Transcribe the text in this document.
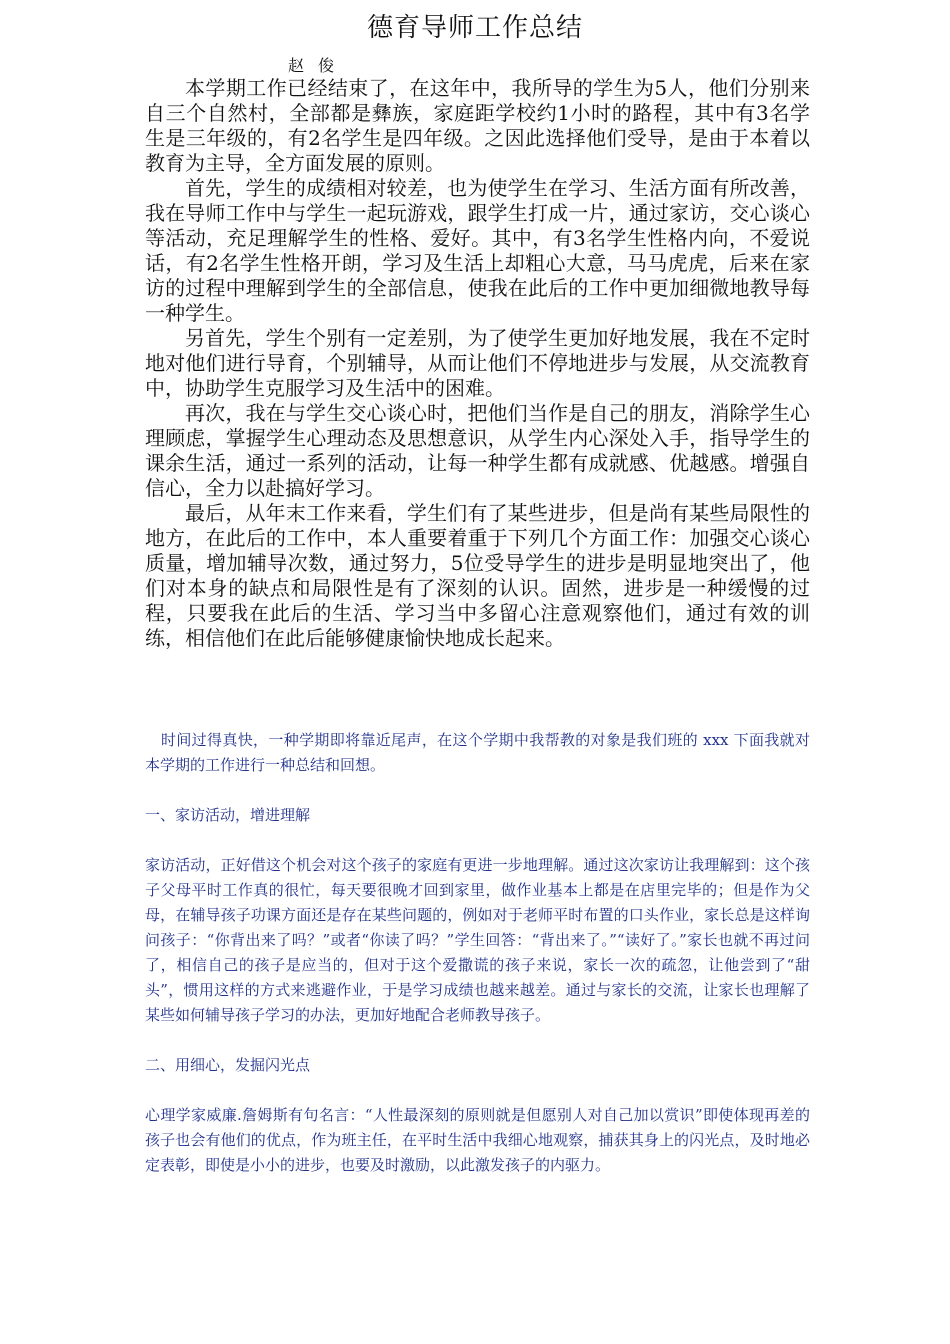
德育导师工作总结
赵俊

本学期工作已经结束了，在这年中，我所导的学生为5人，他们分别来自三个自然村，全部都是彝族，家庭距学校约1小时的路程，其中有3名学生是三年级的，有2名学生是四年级。之因此选择他们受导，是由于本着以教育为主导，全方面发展的原则。

首先，学生的成绩相对较差，也为使学生在学习、生活方面有所改善，我在导师工作中与学生一起玩游戏，跟学生打成一片，通过家访，交心谈心等活动，充足理解学生的性格、爱好。其中，有3名学生性格内向，不爱说话，有2名学生性格开朗，学习及生活上却粗心大意，马马虎虎，后来在家访的过程中理解到学生的全部信息，使我在此后的工作中更加细微地教导每一种学生。

另首先，学生个别有一定差别，为了使学生更加好地发展，我在不定时地对他们进行导育，个别辅导，从而让他们不停地进步与发展，从交流教育中，协助学生克服学习及生活中的困难。

再次，我在与学生交心谈心时，把他们当作是自己的朋友，消除学生心理顾虑，掌握学生心理动态及思想意识，从学生内心深处入手，指导学生的课余生活，通过一系列的活动，让每一种学生都有成就感、优越感。增强自信心，全力以赴搞好学习。

最后，从年末工作来看，学生们有了某些进步，但是尚有某些局限性的地方，在此后的工作中，本人重要着重于下列几个方面工作：加强交心谈心质量，增加辅导次数，通过努力，5位受导学生的进步是明显地突出了，他们对本身的缺点和局限性是有了深刻的认识。固然，进步是一种缓慢的过程，只要我在此后的生活、学习当中多留心注意观察他们，通过有效的训练，相信他们在此后能够健康愉快地成长起来。

时间过得真快，一种学期即将靠近尾声，在这个学期中我帮教的对象是我们班的 xxx 下面我就对本学期的工作进行一种总结和回想。

一、家访活动，增进理解

家访活动，正好借这个机会对这个孩子的家庭有更进一步地理解。通过这次家访让我理解到：这个孩子父母平时工作真的很忙，每天要很晚才回到家里，做作业基本上都是在店里完毕的；但是作为父母，在辅导孩子功课方面还是存在某些问题的，例如对于老师平时布置的口头作业，家长总是这样询问孩子：“你背出来了吗？”或者“你读了吗？”学生回答：“背出来了。”“读好了。”家长也就不再过问了，相信自己的孩子是应当的，但对于这个爱撒谎的孩子来说，家长一次的疏忽，让他尝到了“甜头”，惯用这样的方式来逃避作业，于是学习成绩也越来越差。通过与家长的交流，让家长也理解了某些如何辅导孩子学习的办法，更加好地配合老师教导孩子。

二、用细心，发掘闪光点

心理学家威廉.詹姆斯有句名言：“人性最深刻的原则就是但愿别人对自己加以赏识”即使体现再差的孩子也会有他们的优点，作为班主任，在平时生活中我细心地观察，捕获其身上的闪光点，及时地必定表彰，即使是小小的进步，也要及时激励，以此激发孩子的内驱力。
